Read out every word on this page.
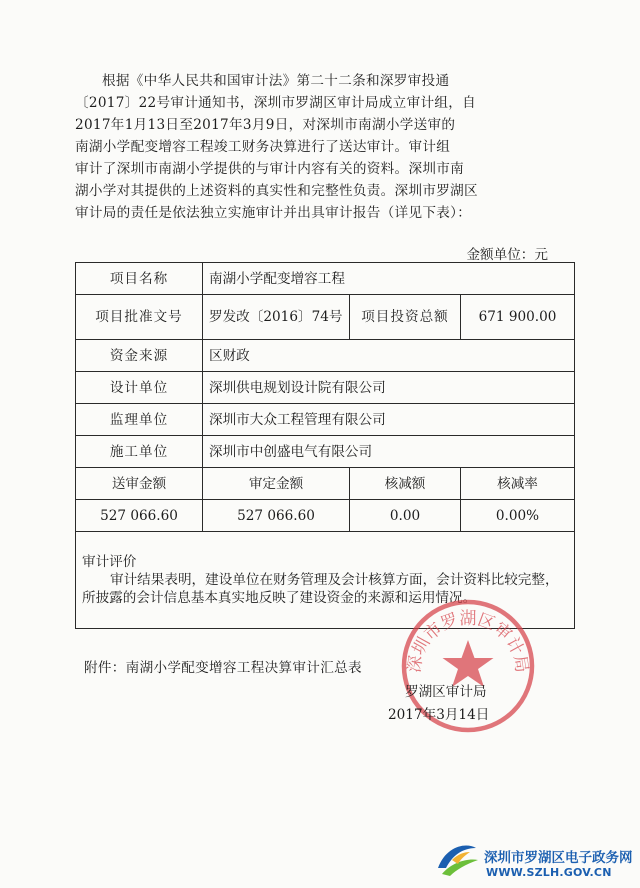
根据《中华人民共和国审计法》第二十二条和深罗审投通
〔2017〕22号审计通知书，深圳市罗湖区审计局成立审计组，自
2017年1月13日至2017年3月9日，对深圳市南湖小学送审的
南湖小学配变增容工程竣工财务决算进行了送达审计。审计组
审计了深圳市南湖小学提供的与审计内容有关的资料。深圳市南
湖小学对其提供的上述资料的真实性和完整性负责。深圳市罗湖区
审计局的责任是依法独立实施审计并出具审计报告（详见下表）：
金额单位：元
项目名称	南湖小学配变增容工程		
项目批准文号	罗发改〔2016〕74号	项目投资总额	671 900.00
资金来源	区财政		
设计单位	深圳供电规划设计院有限公司		
监理单位	深圳市大众工程管理有限公司		
施工单位	深圳市中创盛电气有限公司		
送审金额	审定金额	核减额	核减率
527 066.60	527 066.60	0.00	0.00%

审计评价
审计结果表明，建设单位在财务管理及会计核算方面，会计资料比较完整，所披露的会计信息基本真实地反映了建设资金的来源和运用情况。			
附件：南湖小学配变增容工程决算审计汇总表	深圳市罗湖区审计局
罗湖区审计局
2017年3月14日
深圳市罗湖区电子政务网
WWW.SZLH.GOV.CN
